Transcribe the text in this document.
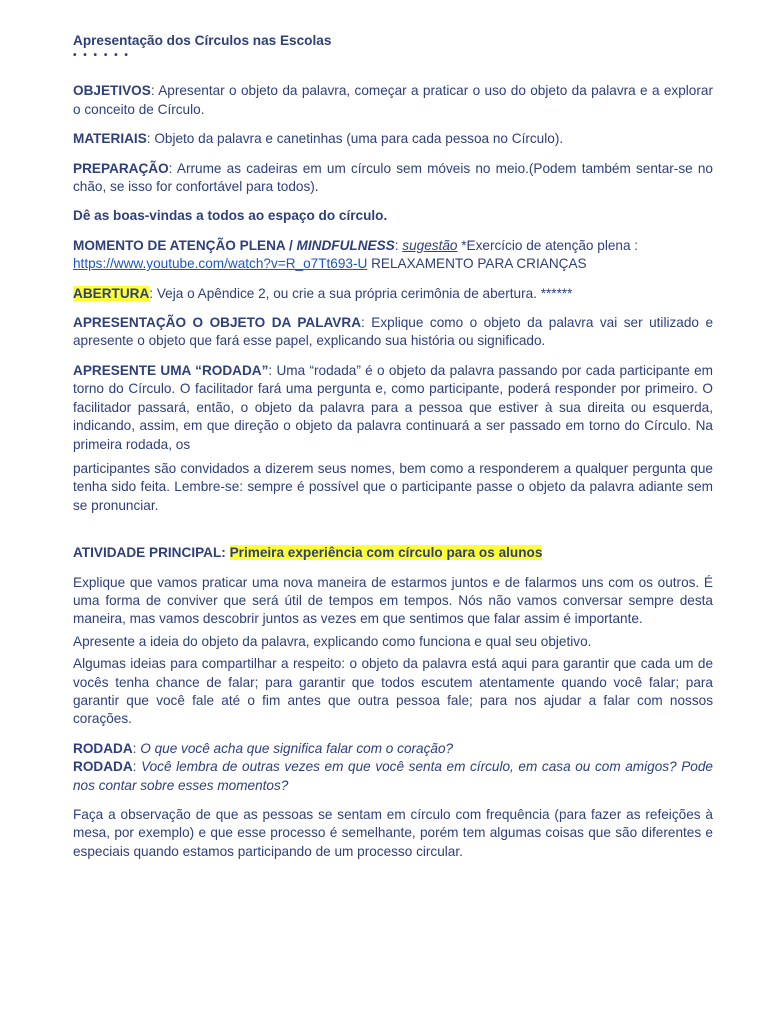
Apresentação dos Círculos nas Escolas
• • • • • •

OBJETIVOS: Apresentar o objeto da palavra, começar a praticar o uso do objeto da palavra e a explorar o conceito de Círculo.

MATERIAIS: Objeto da palavra e canetinhas (uma para cada pessoa no Círculo).

PREPARAÇÃO: Arrume as cadeiras em um círculo sem móveis no meio.(Podem também sentar-se no chão, se isso for confortável para todos).

Dê as boas-vindas a todos ao espaço do círculo.

MOMENTO DE ATENÇÃO PLENA / MINDFULNESS: sugestão *Exercício de atenção plena :
https://www.youtube.com/watch?v=R_o7Tt693-U RELAXAMENTO PARA CRIANÇAS

ABERTURA: Veja o Apêndice 2, ou crie a sua própria cerimônia de abertura. ******

APRESENTAÇÃO O OBJETO DA PALAVRA: Explique como o objeto da palavra vai ser utilizado e apresente o objeto que fará esse papel, explicando sua história ou significado.

APRESENTE UMA “RODADA”: Uma “rodada” é o objeto da palavra passando por cada participante em torno do Círculo. O facilitador fará uma pergunta e, como participante, poderá responder por primeiro. O facilitador passará, então, o objeto da palavra para a pessoa que estiver à sua direita ou esquerda, indicando, assim, em que direção o objeto da palavra continuará a ser passado em torno do Círculo. Na primeira rodada, os

participantes são convidados a dizerem seus nomes, bem como a responderem a qualquer pergunta que tenha sido feita. Lembre-se: sempre é possível que o participante passe o objeto da palavra adiante sem se pronunciar.

ATIVIDADE PRINCIPAL: Primeira experiência com círculo para os alunos

Explique que vamos praticar uma nova maneira de estarmos juntos e de falarmos uns com os outros. É uma forma de conviver que será útil de tempos em tempos. Nós não vamos conversar sempre desta maneira, mas vamos descobrir juntos as vezes em que sentimos que falar assim é importante.

Apresente a ideia do objeto da palavra, explicando como funciona e qual seu objetivo.

Algumas ideias para compartilhar a respeito: o objeto da palavra está aqui para garantir que cada um de vocês tenha chance de falar; para garantir que todos escutem atentamente quando você falar; para garantir que você fale até o fim antes que outra pessoa fale; para nos ajudar a falar com nossos corações.

RODADA: O que você acha que significa falar com o coração?
RODADA: Você lembra de outras vezes em que você senta em círculo, em casa ou com amigos? Pode nos contar sobre esses momentos?

Faça a observação de que as pessoas se sentam em círculo com frequência (para fazer as refeições à mesa, por exemplo) e que esse processo é semelhante, porém tem algumas coisas que são diferentes e especiais quando estamos participando de um processo circular.
